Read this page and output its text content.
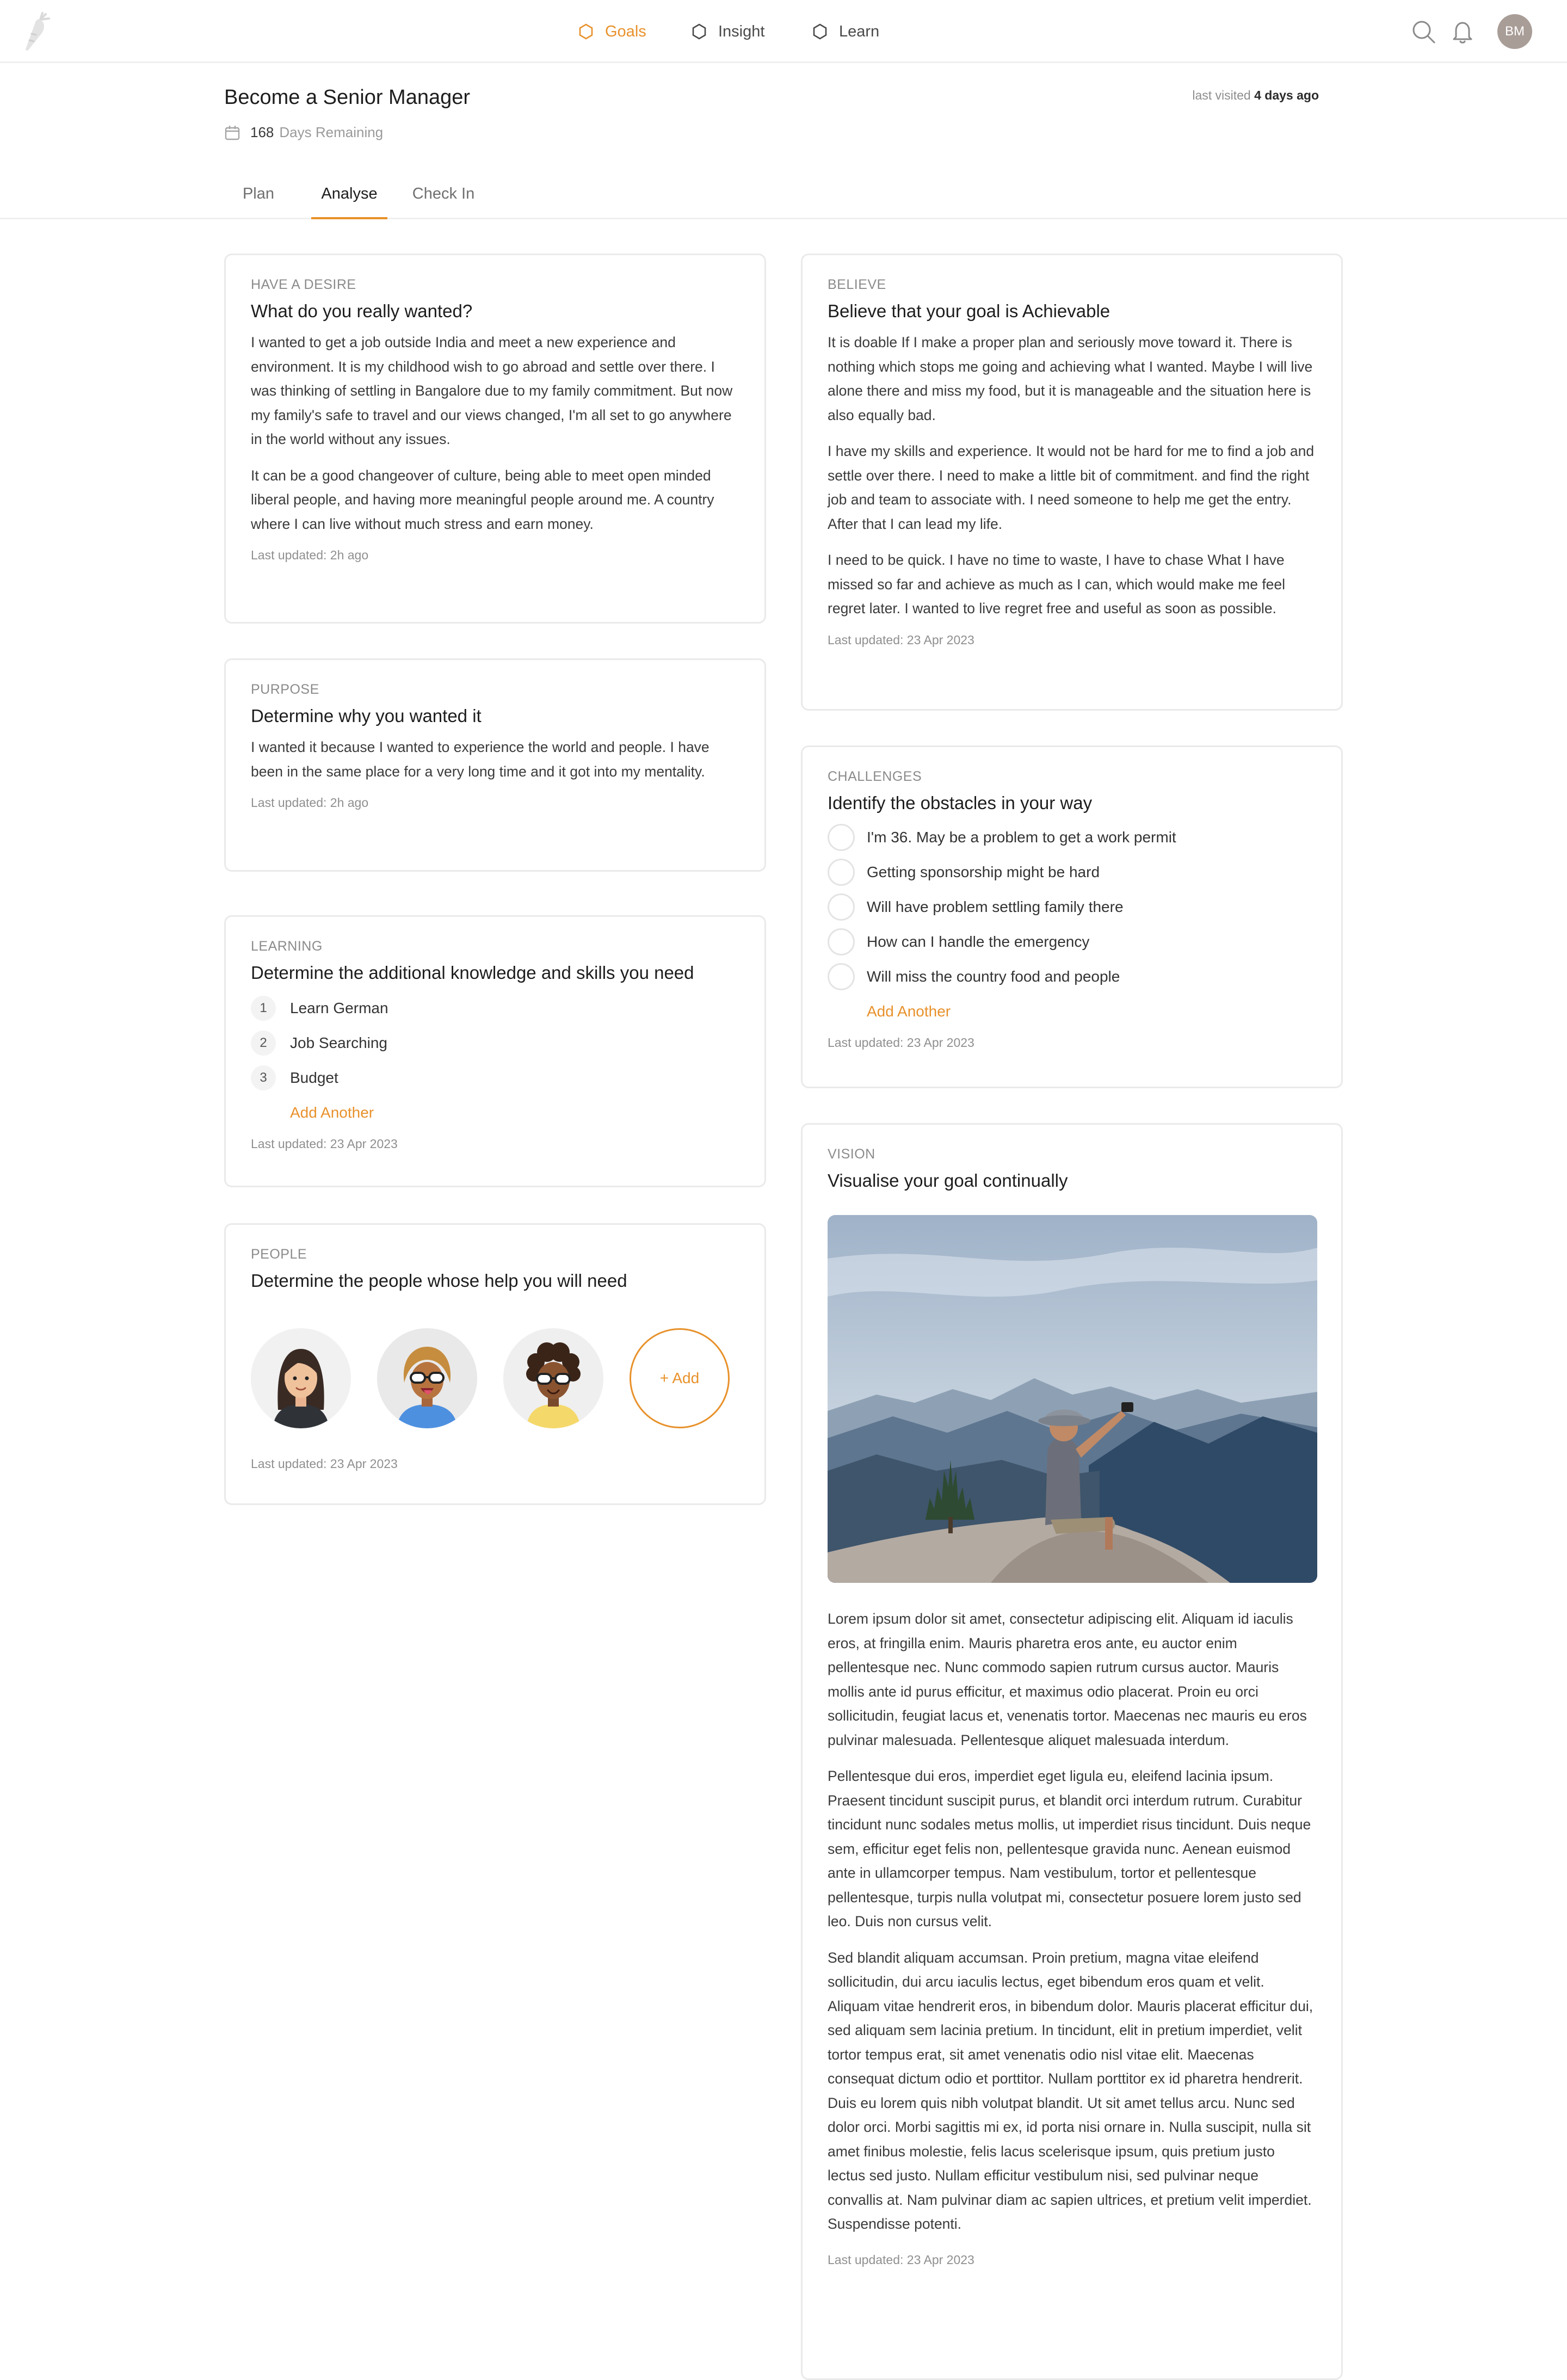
Goals	Insight	Learn	BM
Become a Senior Manager
168 Days Remaining
last visited 4 days ago
Plan	Analyse	Check In
HAVE A DESIRE
What do you really wanted?
I wanted to get a job outside India and meet a new experience and environment. It is my childhood wish to go abroad and settle over there. I was thinking of settling in Bangalore due to my family commitment. But now my family's safe to travel and our views changed, I'm all set to go anywhere in the world without any issues.
It can be a good changeover of culture, being able to meet open minded liberal people, and having more meaningful people around me. A country where I can live without much stress and earn money.
Last updated: 2h ago
PURPOSE
Determine why you wanted it
I wanted it because I wanted to experience the world and people. I have been in the same place for a very long time and it got into my mentality.
Last updated: 2h ago
LEARNING
Determine the additional knowledge and skills you need
1	Learn German
2	Job Searching
3	Budget
Add Another
Last updated: 23 Apr 2023
PEOPLE
Determine the people whose help you will need
+ Add
Last updated: 23 Apr 2023
BELIEVE
Believe that your goal is Achievable
It is doable If I make a proper plan and seriously move toward it. There is nothing which stops me going and achieving what I wanted. Maybe I will live alone there and miss my food, but it is manageable and the situation here is also equally bad.
I have my skills and experience. It would not be hard for me to find a job and settle over there. I need to make a little bit of commitment. and find the right job and team to associate with. I need someone to help me get the entry. After that I can lead my life.
I need to be quick. I have no time to waste, I have to chase What I have missed so far and achieve as much as I can, which would make me feel regret later. I wanted to live regret free and useful as soon as possible.
Last updated: 23 Apr 2023
CHALLENGES
Identify the obstacles in your way
I'm 36. May be a problem to get a work permit
Getting sponsorship might be hard
Will have problem settling family there
How can I handle the emergency
Will miss the country food and people
Add Another
Last updated: 23 Apr 2023
VISION
Visualise your goal continually
Lorem ipsum dolor sit amet, consectetur adipiscing elit. Aliquam id iaculis eros, at fringilla enim. Mauris pharetra eros ante, eu auctor enim pellentesque nec. Nunc commodo sapien rutrum cursus auctor. Mauris mollis ante id purus efficitur, et maximus odio placerat. Proin eu orci sollicitudin, feugiat lacus et, venenatis tortor. Maecenas nec mauris eu eros pulvinar malesuada. Pellentesque aliquet malesuada interdum.
Pellentesque dui eros, imperdiet eget ligula eu, eleifend lacinia ipsum. Praesent tincidunt suscipit purus, et blandit orci interdum rutrum. Curabitur tincidunt nunc sodales metus mollis, ut imperdiet risus tincidunt. Duis neque sem, efficitur eget felis non, pellentesque gravida nunc. Aenean euismod ante in ullamcorper tempus. Nam vestibulum, tortor et pellentesque pellentesque, turpis nulla volutpat mi, consectetur posuere lorem justo sed leo. Duis non cursus velit.
Sed blandit aliquam accumsan. Proin pretium, magna vitae eleifend sollicitudin, dui arcu iaculis lectus, eget bibendum eros quam et velit. Aliquam vitae hendrerit eros, in bibendum dolor. Mauris placerat efficitur dui, sed aliquam sem lacinia pretium. In tincidunt, elit in pretium imperdiet, velit tortor tempus erat, sit amet venenatis odio nisl vitae elit. Maecenas consequat dictum odio et porttitor. Nullam porttitor ex id pharetra hendrerit. Duis eu lorem quis nibh volutpat blandit. Ut sit amet tellus arcu. Nunc sed dolor orci. Morbi sagittis mi ex, id porta nisi ornare in. Nulla suscipit, nulla sit amet finibus molestie, felis lacus scelerisque ipsum, quis pretium justo lectus sed justo. Nullam efficitur vestibulum nisi, sed pulvinar neque convallis at. Nam pulvinar diam ac sapien ultrices, et pretium velit imperdiet. Suspendisse potenti.
Last updated: 23 Apr 2023
